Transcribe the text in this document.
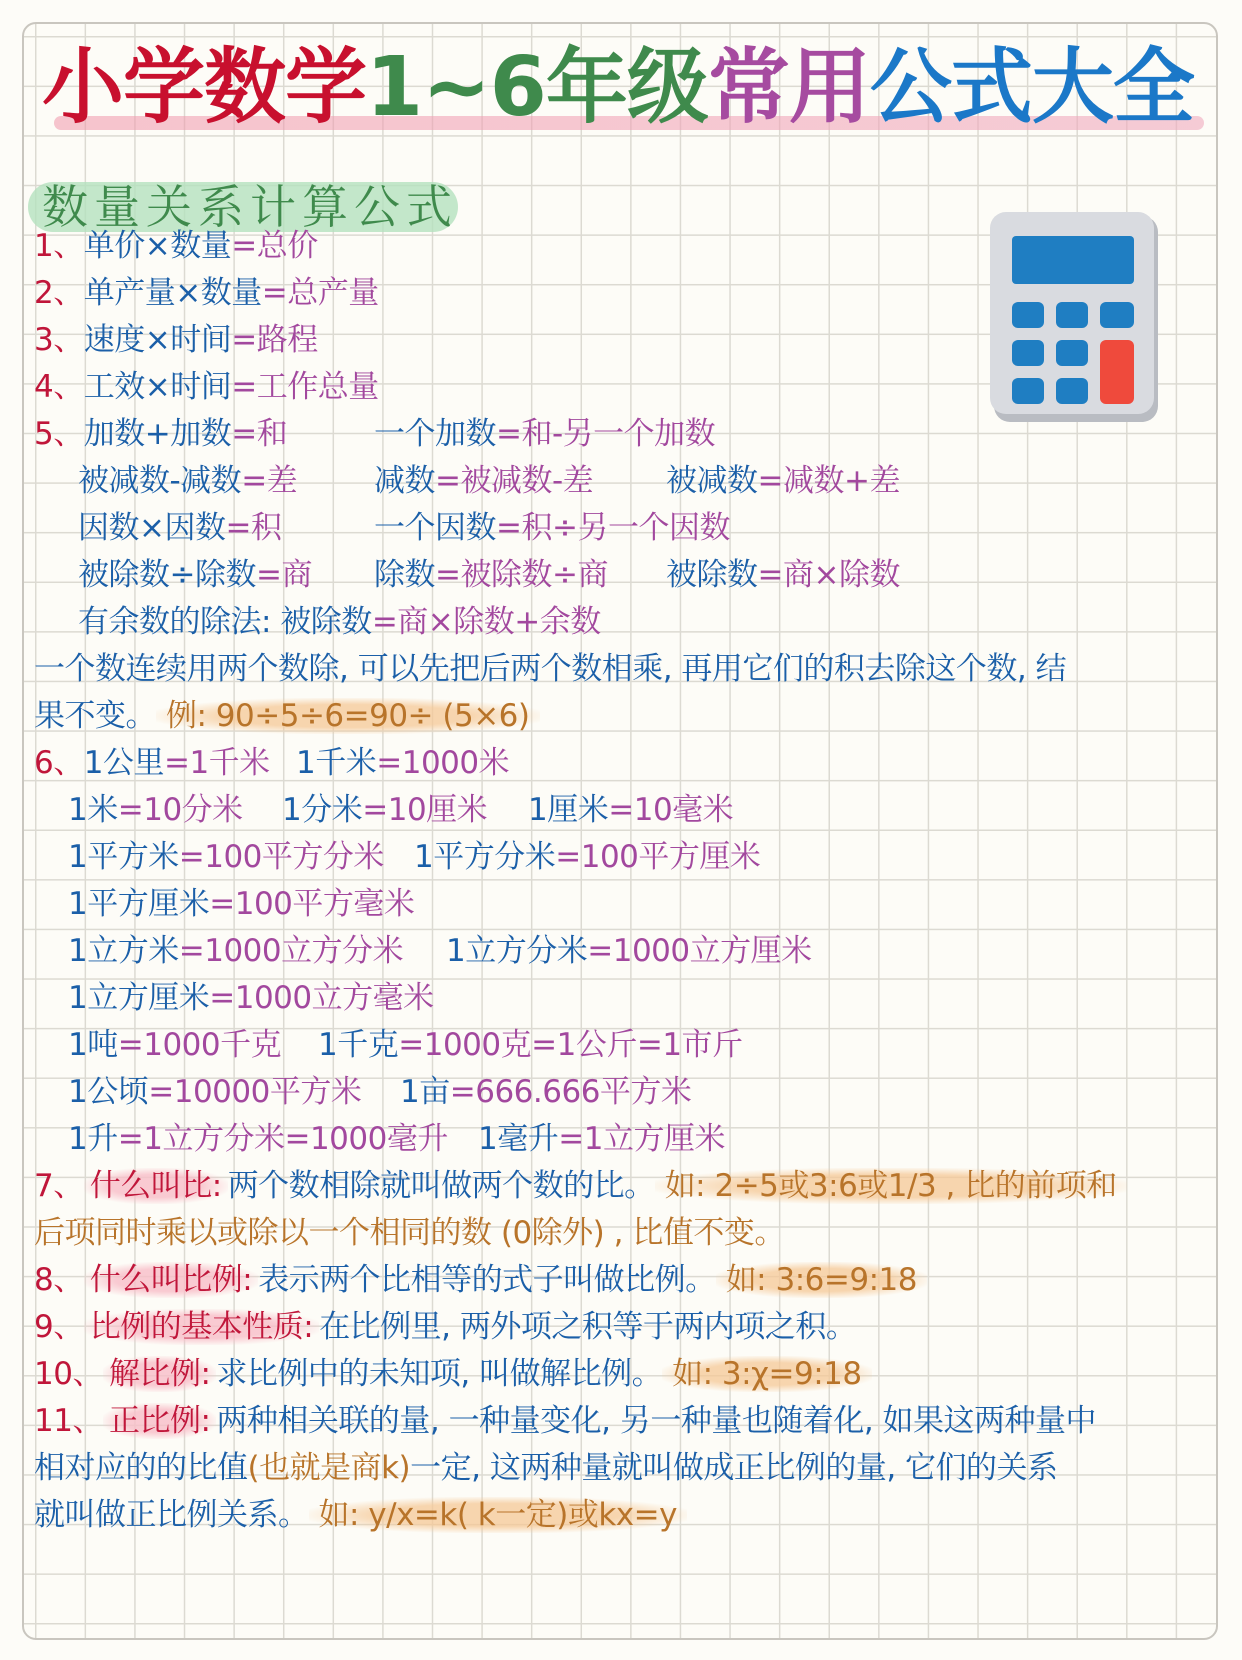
小学数学1~6年级常用公式大全
数量关系计算公式
1、单价×数量=总价
2、单产量×数量=总产量
3、速度×时间=路程
4、工效×时间=工作总量
5、加数+加数=和	一个加数=和-另一个加数
被减数-减数=差 减数=被减数-差 被减数=减数+差
因数×因数=积	一个因数=积÷另一个因数
被除数÷除数=商 除数=被除数÷商 被除数=商×除数
有余数的除法: 被除数=商×除数+余数
一个数连续用两个数除, 可以先把后两个数相乘, 再用它们的积去除这个数, 结
果不变。 例: 90÷5÷6=90÷ (5×6)
6、1公里=1千米 1千米=1000米
1米=10分米 1分米=10厘米 1厘米=10毫米
1平方米=100平方分米 1平方分米=100平方厘米
1平方厘米=100平方毫米
1立方米=1000立方分米 1立方分米=1000立方厘米
1立方厘米=1000立方毫米
1吨=1000千克 1千克=1000克=1公斤=1市斤
1公顷=10000平方米 1亩=666.666平方米
1升=1立方分米=1000毫升 1毫升=1立方厘米
7、 什么叫比: 两个数相除就叫做两个数的比。 如: 2÷5或3:6或1/3 , 比的前项和
后项同时乘以或除以一个相同的数 (0除外) , 比值不变。
8、 什么叫比例: 表示两个比相等的式子叫做比例。 如: 3:6=9:18
9、 比例的基本性质: 在比例里, 两外项之积等于两内项之积。
10、 解比例: 求比例中的未知项, 叫做解比例。 如: 3:χ=9:18
11、 正比例: 两种相关联的量, 一种量变化, 另一种量也随着化, 如果这两种量中
相对应的的比值(也就是商k)一定, 这两种量就叫做成正比例的量, 它们的关系
就叫做正比例关系。 如: y/x=k( k一定)或kx=y
